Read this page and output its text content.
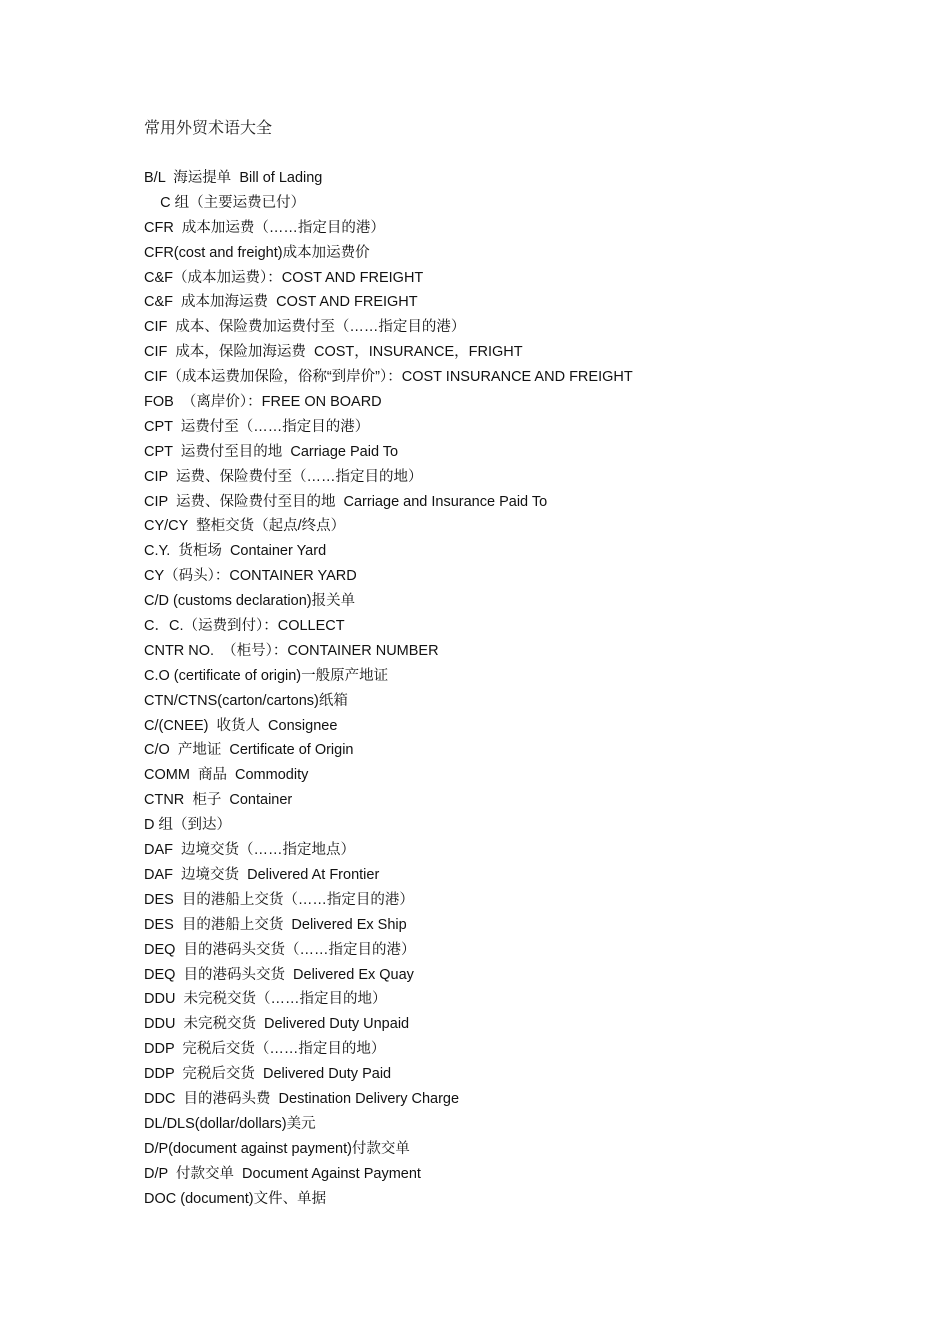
常用外贸术语大全
B/L  海运提单  Bill of Lading
C 组（主要运费已付）
CFR  成本加运费（……指定目的港）
CFR(cost and freight)成本加运费价
C&F（成本加运费）：COST AND FREIGHT
C&F  成本加海运费  COST AND FREIGHT
CIF  成本、保险费加运费付至（……指定目的港）
CIF  成本，保险加海运费  COST，INSURANCE，FRIGHT
CIF（成本运费加保险，俗称“到岸价”）：COST INSURANCE AND FREIGHT
FOB  （离岸价）：FREE ON BOARD
CPT  运费付至（……指定目的港）
CPT  运费付至目的地  Carriage Paid To
CIP  运费、保险费付至（……指定目的地）
CIP  运费、保险费付至目的地  Carriage and Insurance Paid To
CY/CY  整柜交货（起点/终点）
C.Y.  货柜场  Container Yard
CY（码头）：CONTAINER YARD
C/D (customs declaration)报关单
C．C.（运费到付）：COLLECT
CNTR NO.  （柜号）：CONTAINER NUMBER
C.O (certificate of origin)一般原产地证
CTN/CTNS(carton/cartons)纸箱
C/(CNEE)  收货人  Consignee
C/O  产地证  Certificate of Origin
COMM  商品  Commodity
CTNR  柜子  Container
D 组（到达）
DAF  边境交货（……指定地点）
DAF  边境交货  Delivered At Frontier
DES  目的港船上交货（……指定目的港）
DES  目的港船上交货  Delivered Ex Ship
DEQ  目的港码头交货（……指定目的港）
DEQ  目的港码头交货  Delivered Ex Quay
DDU  未完税交货（……指定目的地）
DDU  未完税交货  Delivered Duty Unpaid
DDP  完税后交货（……指定目的地）
DDP  完税后交货  Delivered Duty Paid
DDC  目的港码头费  Destination Delivery Charge
DL/DLS(dollar/dollars)美元
D/P(document against payment)付款交单
D/P  付款交单  Document Against Payment
DOC (document)文件、单据
